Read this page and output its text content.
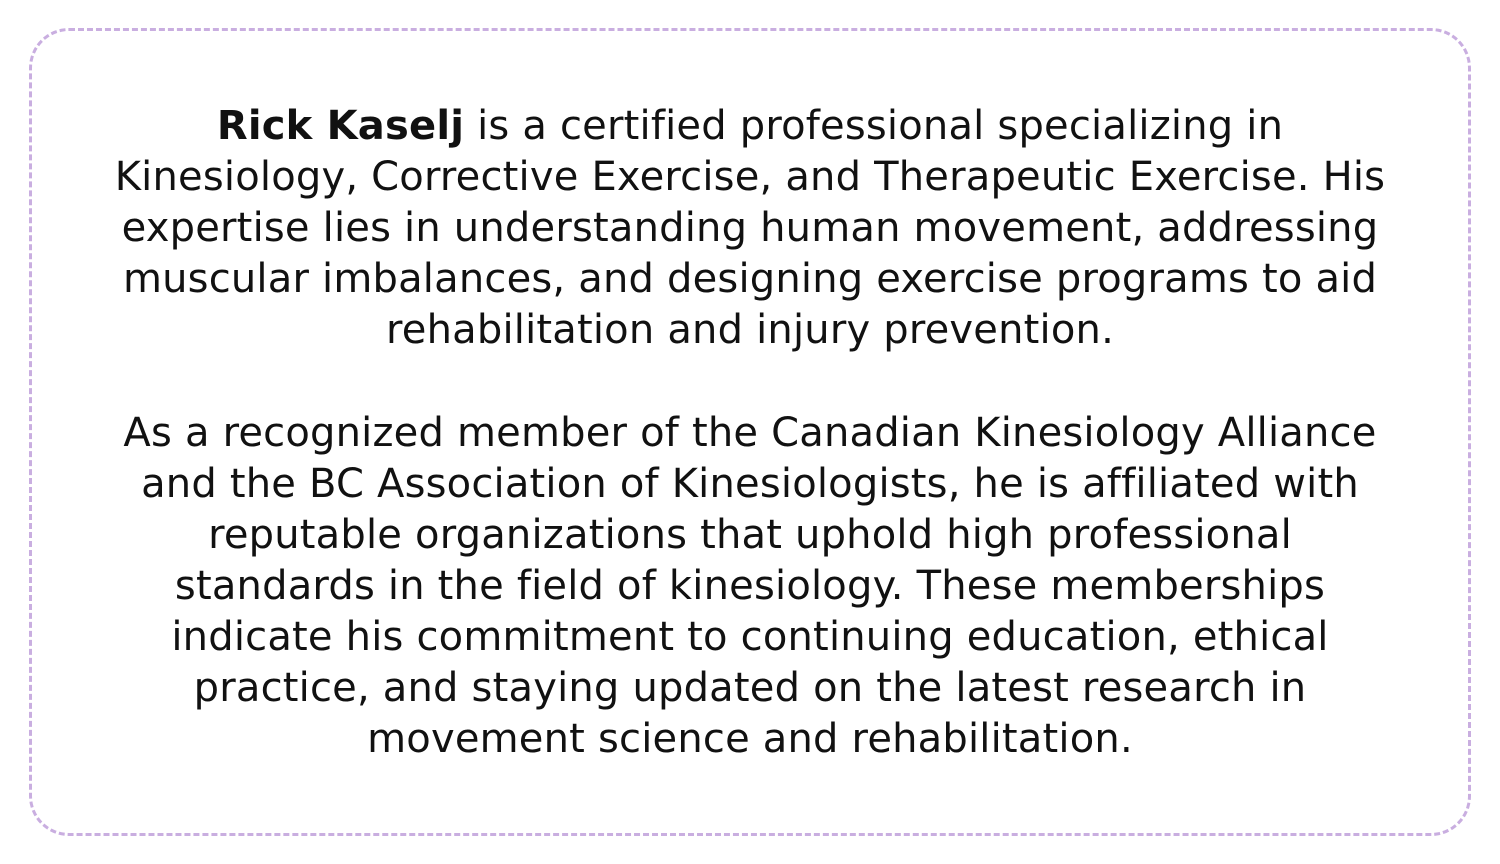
Rick Kaselj is a certified professional specializing in Kinesiology, Corrective Exercise, and Therapeutic Exercise. His expertise lies in understanding human movement, addressing muscular imbalances, and designing exercise programs to aid rehabilitation and injury prevention.

As a recognized member of the Canadian Kinesiology Alliance and the BC Association of Kinesiologists, he is affiliated with reputable organizations that uphold high professional standards in the field of kinesiology. These memberships indicate his commitment to continuing education, ethical practice, and staying updated on the latest research in movement science and rehabilitation.
